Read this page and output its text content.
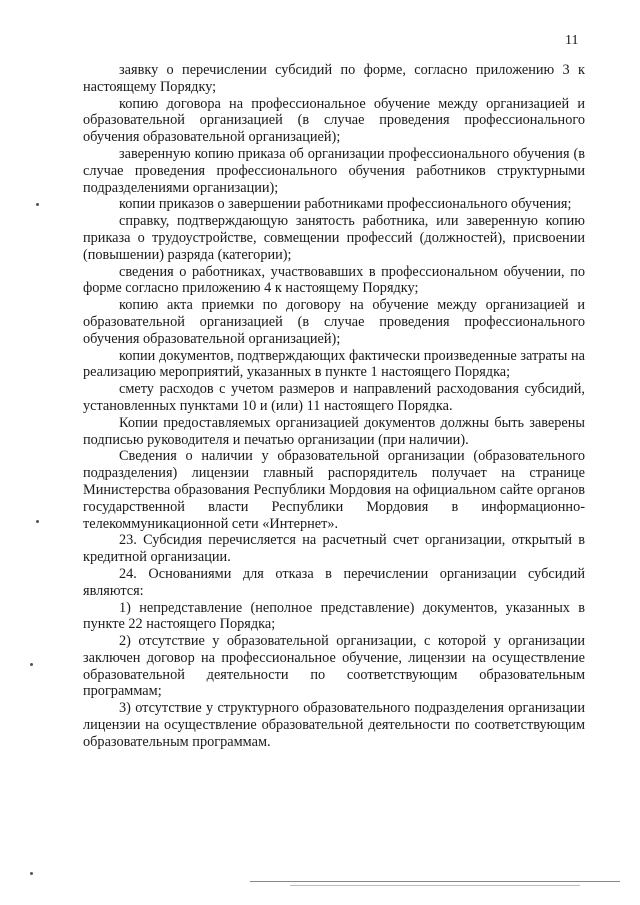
11

заявку о перечислении субсидий по форме, согласно приложению 3 к настоящему Порядку;

копию договора на профессиональное обучение между организацией и образовательной организацией (в случае проведения профессионального обучения образовательной организацией);

заверенную копию приказа об организации профессионального обучения (в случае проведения профессионального обучения работников структурными подразделениями организации);

копии приказов о завершении работниками профессионального обучения;

справку, подтверждающую занятость работника, или заверенную копию приказа о трудоустройстве, совмещении профессий (должностей), присвоении (повышении) разряда (категории);

сведения о работниках, участвовавших в профессиональном обучении, по форме согласно приложению 4 к настоящему Порядку;

копию акта приемки по договору на обучение между организацией и образовательной организацией (в случае проведения профессионального обучения образовательной организацией);

копии документов, подтверждающих фактически произведенные затраты на реализацию мероприятий, указанных в пункте 1 настоящего Порядка;

смету расходов с учетом размеров и направлений расходования субсидий, установленных пунктами 10 и (или) 11 настоящего Порядка.

Копии предоставляемых организацией документов должны быть заверены подписью руководителя и печатью организации (при наличии).

Сведения о наличии у образовательной организации (образовательного подразделения) лицензии главный распорядитель получает на странице Министерства образования Республики Мордовия на официальном сайте органов государственной власти Республики Мордовия в информационно-телекоммуникационной сети «Интернет».

23. Субсидия перечисляется на расчетный счет организации, открытый в кредитной организации.

24. Основаниями для отказа в перечислении организации субсидий являются:

1) непредставление (неполное представление) документов, указанных в пункте 22 настоящего Порядка;

2) отсутствие у образовательной организации, с которой у организации заключен договор на профессиональное обучение, лицензии на осуществление образовательной деятельности по соответствующим образовательным программам;

3) отсутствие у структурного образовательного подразделения организации лицензии на осуществление образовательной деятельности по соответствующим образовательным программам.
